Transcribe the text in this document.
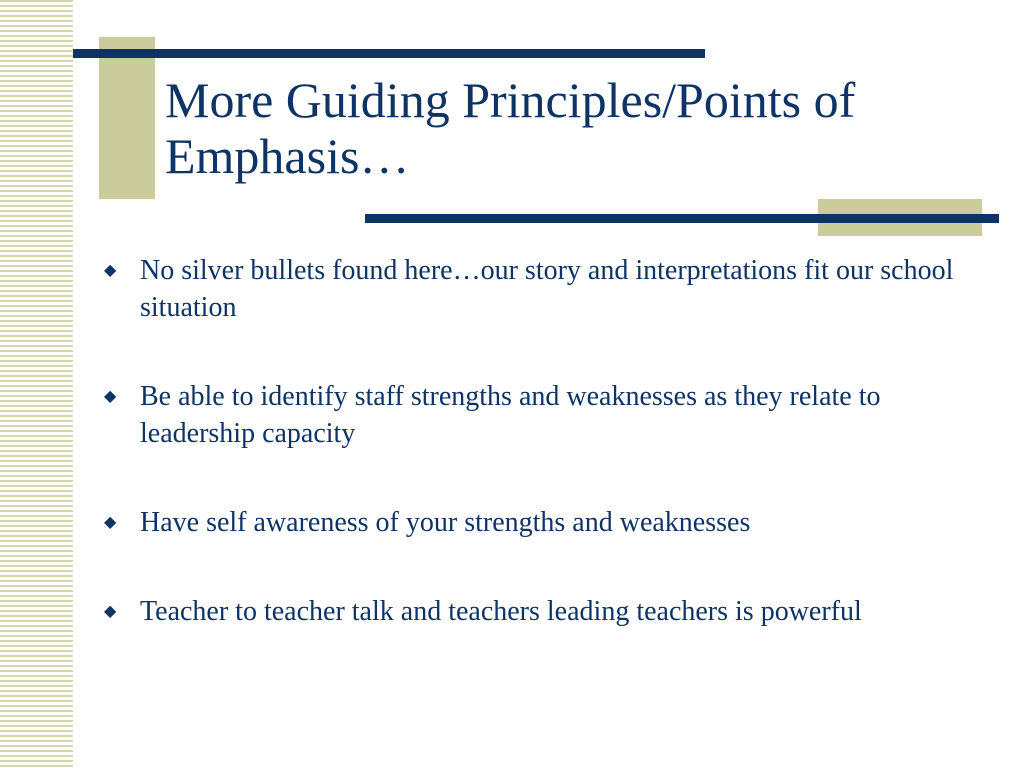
More Guiding Principles/Points of Emphasis…
◆ No silver bullets found here…our story and interpretations fit our school situation
◆ Be able to identify staff strengths and weaknesses as they relate to leadership capacity
◆ Have self awareness of your strengths and weaknesses
◆ Teacher to teacher talk and teachers leading teachers is powerful
